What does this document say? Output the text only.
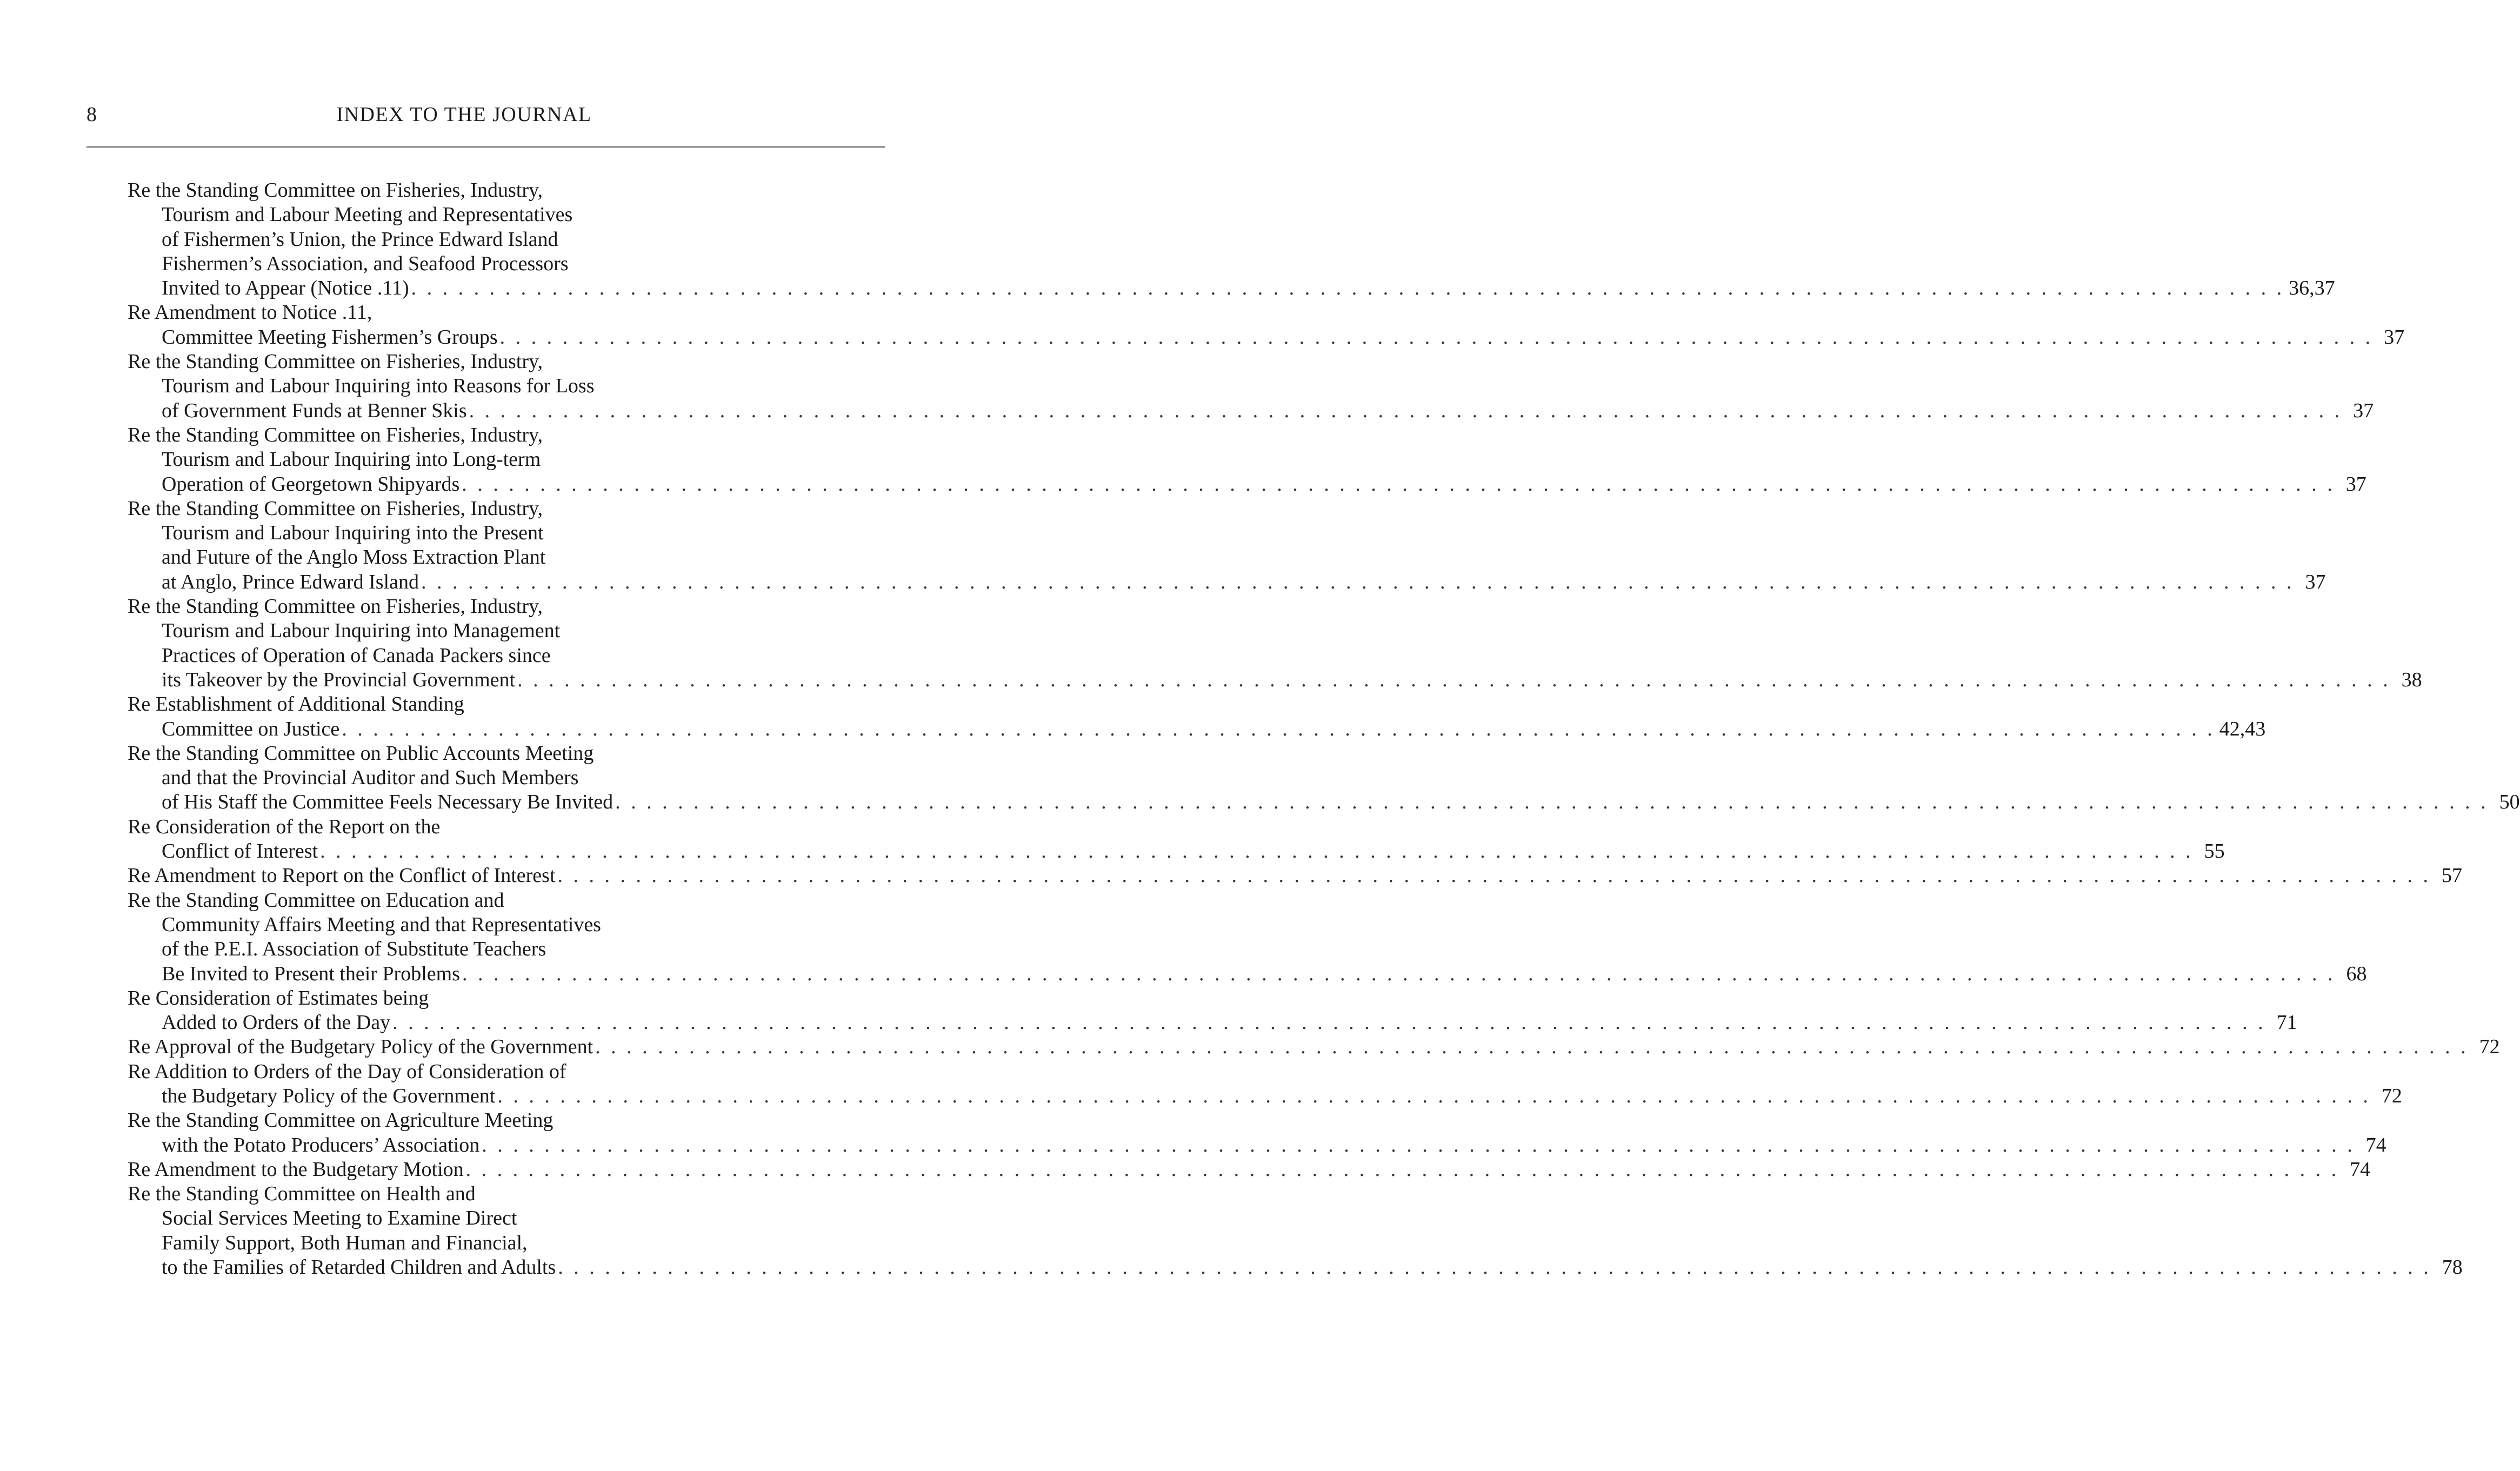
8	INDEX TO THE JOURNAL
Re the Standing Committee on Fisheries, Industry,
Tourism and Labour Meeting and Representatives
of Fishermen’s Union, the Prince Edward Island
Fishermen’s Association, and Seafood Processors
Invited to Appear (Notice .11) . . . . . . . . . . . . . . . . . . . . . . . . . . . . . . . . . . . . . . . . . . . . . . . . . . . . . . . . . . . . . . . . . . . . . . . . . . . . . . . . . . . . . . . . . . . . . . . . . . . . . . . . . . . . . . . . . . . . . . . . 36,37
Re Amendment to Notice .11,
Committee Meeting Fishermen’s Groups . . . . . . . . . . . . . . . . . . . . . . . . . . . . . . . . . . . . . . . . . . . . . . . . . . . . . . . . . . . . . . . . . . . . . . . . . . . . . . . . . . . . . . . . . . . . . . . . . . . . . . . . . . . . . . . . . . . . . . . . 37
Re the Standing Committee on Fisheries, Industry,
Tourism and Labour Inquiring into Reasons for Loss
of Government Funds at Benner Skis . . . . . . . . . . . . . . . . . . . . . . . . . . . . . . . . . . . . . . . . . . . . . . . . . . . . . . . . . . . . . . . . . . . . . . . . . . . . . . . . . . . . . . . . . . . . . . . . . . . . . . . . . . . . . . . . . . . . . . . . 37
Re the Standing Committee on Fisheries, Industry,
Tourism and Labour Inquiring into Long-term
Operation of Georgetown Shipyards . . . . . . . . . . . . . . . . . . . . . . . . . . . . . . . . . . . . . . . . . . . . . . . . . . . . . . . . . . . . . . . . . . . . . . . . . . . . . . . . . . . . . . . . . . . . . . . . . . . . . . . . . . . . . . . . . . . . . . . . 37
Re the Standing Committee on Fisheries, Industry,
Tourism and Labour Inquiring into the Present
and Future of the Anglo Moss Extraction Plant
at Anglo, Prince Edward Island . . . . . . . . . . . . . . . . . . . . . . . . . . . . . . . . . . . . . . . . . . . . . . . . . . . . . . . . . . . . . . . . . . . . . . . . . . . . . . . . . . . . . . . . . . . . . . . . . . . . . . . . . . . . . . . . . . . . . . . . 37
Re the Standing Committee on Fisheries, Industry,
Tourism and Labour Inquiring into Management
Practices of Operation of Canada Packers since
its Takeover by the Provincial Government . . . . . . . . . . . . . . . . . . . . . . . . . . . . . . . . . . . . . . . . . . . . . . . . . . . . . . . . . . . . . . . . . . . . . . . . . . . . . . . . . . . . . . . . . . . . . . . . . . . . . . . . . . . . . . . . . . . . . . . . 38
Re Establishment of Additional Standing
Committee on Justice . . . . . . . . . . . . . . . . . . . . . . . . . . . . . . . . . . . . . . . . . . . . . . . . . . . . . . . . . . . . . . . . . . . . . . . . . . . . . . . . . . . . . . . . . . . . . . . . . . . . . . . . . . . . . . . . . . . . . . . . 42,43
Re the Standing Committee on Public Accounts Meeting
and that the Provincial Auditor and Such Members
of His Staff the Committee Feels Necessary Be Invited . . . . . . . . . . . . . . . . . . . . . . . . . . . . . . . . . . . . . . . . . . . . . . . . . . . . . . . . . . . . . . . . . . . . . . . . . . . . . . . . . . . . . . . . . . . . . . . . . . . . . . . . . . . . . . . . . . . . . . . . 50
Re Consideration of the Report on the
Conflict of Interest . . . . . . . . . . . . . . . . . . . . . . . . . . . . . . . . . . . . . . . . . . . . . . . . . . . . . . . . . . . . . . . . . . . . . . . . . . . . . . . . . . . . . . . . . . . . . . . . . . . . . . . . . . . . . . . . . . . . . . . . 55
Re Amendment to Report on the Conflict of Interest . . . . . . . . . . . . . . . . . . . . . . . . . . . . . . . . . . . . . . . . . . . . . . . . . . . . . . . . . . . . . . . . . . . . . . . . . . . . . . . . . . . . . . . . . . . . . . . . . . . . . . . . . . . . . . . . . . . . . . . . 57
Re the Standing Committee on Education and
Community Affairs Meeting and that Representatives
of the P.E.I. Association of Substitute Teachers
Be Invited to Present their Problems . . . . . . . . . . . . . . . . . . . . . . . . . . . . . . . . . . . . . . . . . . . . . . . . . . . . . . . . . . . . . . . . . . . . . . . . . . . . . . . . . . . . . . . . . . . . . . . . . . . . . . . . . . . . . . . . . . . . . . . . 68
Re Consideration of Estimates being
Added to Orders of the Day . . . . . . . . . . . . . . . . . . . . . . . . . . . . . . . . . . . . . . . . . . . . . . . . . . . . . . . . . . . . . . . . . . . . . . . . . . . . . . . . . . . . . . . . . . . . . . . . . . . . . . . . . . . . . . . . . . . . . . . . 71
Re Approval of the Budgetary Policy of the Government . . . . . . . . . . . . . . . . . . . . . . . . . . . . . . . . . . . . . . . . . . . . . . . . . . . . . . . . . . . . . . . . . . . . . . . . . . . . . . . . . . . . . . . . . . . . . . . . . . . . . . . . . . . . . . . . . . . . . . . . 72
Re Addition to Orders of the Day of Consideration of
the Budgetary Policy of the Government . . . . . . . . . . . . . . . . . . . . . . . . . . . . . . . . . . . . . . . . . . . . . . . . . . . . . . . . . . . . . . . . . . . . . . . . . . . . . . . . . . . . . . . . . . . . . . . . . . . . . . . . . . . . . . . . . . . . . . . . 72
Re the Standing Committee on Agriculture Meeting
with the Potato Producers’ Association . . . . . . . . . . . . . . . . . . . . . . . . . . . . . . . . . . . . . . . . . . . . . . . . . . . . . . . . . . . . . . . . . . . . . . . . . . . . . . . . . . . . . . . . . . . . . . . . . . . . . . . . . . . . . . . . . . . . . . . . 74
Re Amendment to the Budgetary Motion . . . . . . . . . . . . . . . . . . . . . . . . . . . . . . . . . . . . . . . . . . . . . . . . . . . . . . . . . . . . . . . . . . . . . . . . . . . . . . . . . . . . . . . . . . . . . . . . . . . . . . . . . . . . . . . . . . . . . . . . 74
Re the Standing Committee on Health and
Social Services Meeting to Examine Direct
Family Support, Both Human and Financial,
to the Families of Retarded Children and Adults . . . . . . . . . . . . . . . . . . . . . . . . . . . . . . . . . . . . . . . . . . . . . . . . . . . . . . . . . . . . . . . . . . . . . . . . . . . . . . . . . . . . . . . . . . . . . . . . . . . . . . . . . . . . . . . . . . . . . . . . 78
